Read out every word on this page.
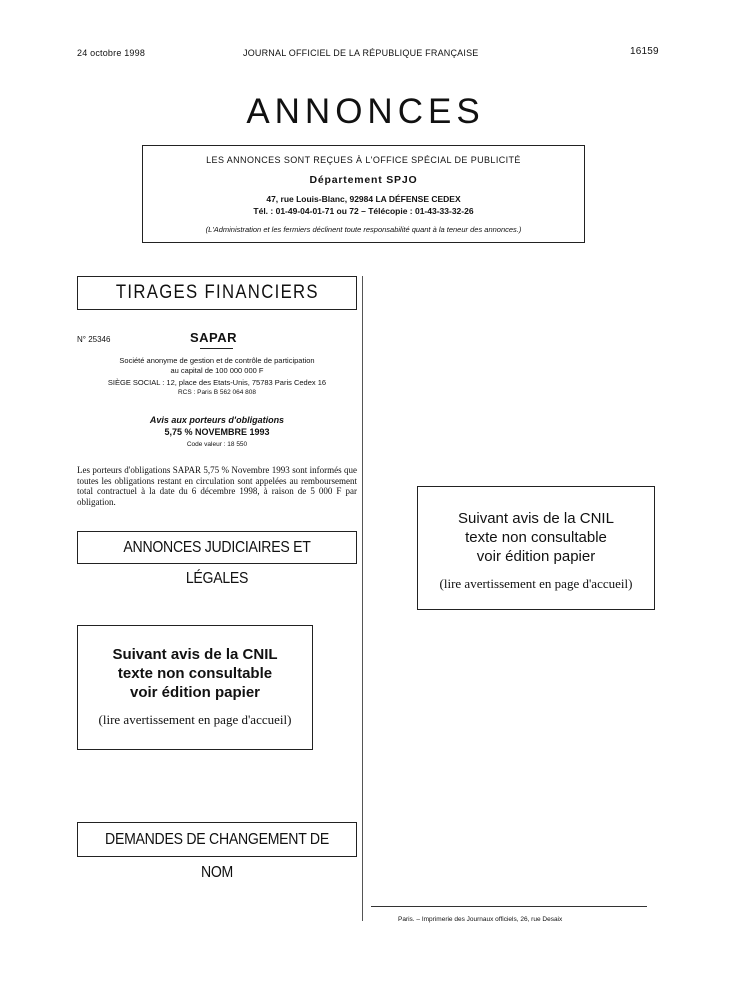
24 octobre 1998	JOURNAL OFFICIEL DE LA RÉPUBLIQUE FRANÇAISE	16159
ANNONCES
LES ANNONCES SONT REÇUES À L'OFFICE SPÉCIAL DE PUBLICITÉ
Département SPJO
47, rue Louis-Blanc, 92984 LA DÉFENSE CEDEX
Tél. : 01-49-04-01-71 ou 72 – Télécopie : 01-43-33-32-26
(L'Administration et les fermiers déclinent toute responsabilité quant à la teneur des annonces.)
TIRAGES FINANCIERS
N° 25346	SAPAR
Société anonyme de gestion et de contrôle de participation
au capital de 100 000 000 F
SIÈGE SOCIAL : 12, place des Etats-Unis, 75783 Paris Cedex 16
RCS : Paris B 562 064 808
Avis aux porteurs d'obligations
5,75 % NOVEMBRE 1993
Code valeur : 18 550
Les porteurs d'obligations SAPAR 5,75 % Novembre 1993 sont informés que toutes les obligations restant en circulation sont appelées au remboursement total contractuel à la date du 6 décembre 1998, à raison de 5 000 F par obligation.
ANNONCES JUDICIAIRES ET LÉGALES
Suivant avis de la CNIL
texte non consultable
voir édition papier
(lire avertissement en page d'accueil)
DEMANDES DE CHANGEMENT DE NOM
Suivant avis de la CNIL
texte non consultable
voir édition papier
(lire avertissement en page d'accueil)
Paris. – Imprimerie des Journaux officiels, 26, rue Desaix
